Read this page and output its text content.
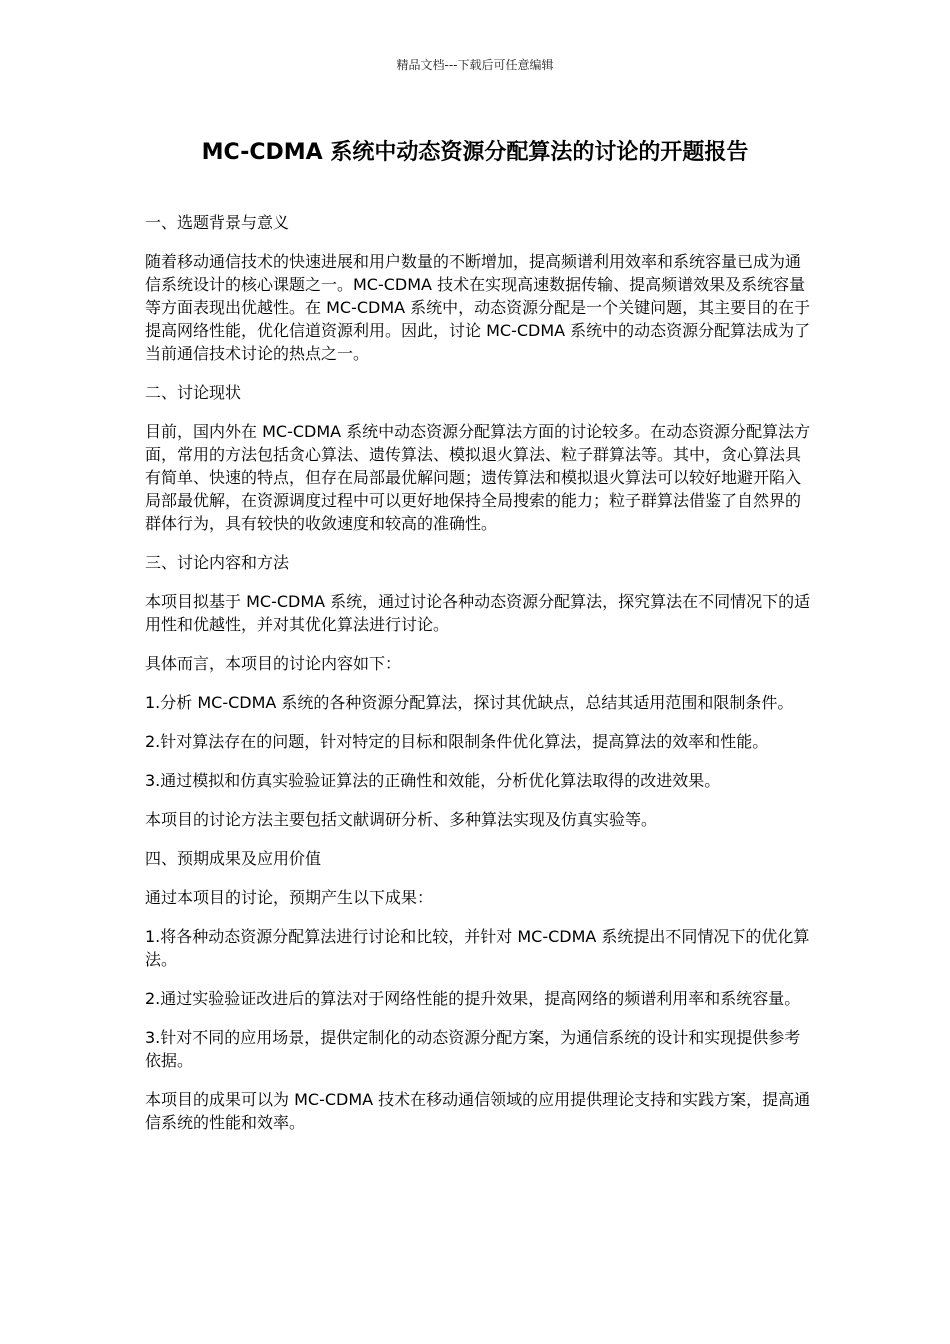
精品文档---下载后可任意编辑
MC-CDMA 系统中动态资源分配算法的讨论的开题报告

一、选题背景与意义

随着移动通信技术的快速进展和用户数量的不断增加，提高频谱利用效率和系统容量已成为通信系统设计的核心课题之一。MC-CDMA 技术在实现高速数据传输、提高频谱效果及系统容量等方面表现出优越性。在 MC-CDMA 系统中，动态资源分配是一个关键问题，其主要目的在于提高网络性能，优化信道资源利用。因此，讨论 MC-CDMA 系统中的动态资源分配算法成为了当前通信技术讨论的热点之一。

二、讨论现状

目前，国内外在 MC-CDMA 系统中动态资源分配算法方面的讨论较多。在动态资源分配算法方面，常用的方法包括贪心算法、遗传算法、模拟退火算法、粒子群算法等。其中，贪心算法具有简单、快速的特点，但存在局部最优解问题；遗传算法和模拟退火算法可以较好地避开陷入局部最优解，在资源调度过程中可以更好地保持全局搜索的能力；粒子群算法借鉴了自然界的群体行为，具有较快的收敛速度和较高的准确性。

三、讨论内容和方法

本项目拟基于 MC-CDMA 系统，通过讨论各种动态资源分配算法，探究算法在不同情况下的适用性和优越性，并对其优化算法进行讨论。

具体而言，本项目的讨论内容如下：

1.分析 MC-CDMA 系统的各种资源分配算法，探讨其优缺点，总结其适用范围和限制条件。

2.针对算法存在的问题，针对特定的目标和限制条件优化算法，提高算法的效率和性能。

3.通过模拟和仿真实验验证算法的正确性和效能，分析优化算法取得的改进效果。

本项目的讨论方法主要包括文献调研分析、多种算法实现及仿真实验等。

四、预期成果及应用价值

通过本项目的讨论，预期产生以下成果：

1.将各种动态资源分配算法进行讨论和比较，并针对 MC-CDMA 系统提出不同情况下的优化算法。

2.通过实验验证改进后的算法对于网络性能的提升效果，提高网络的频谱利用率和系统容量。

3.针对不同的应用场景，提供定制化的动态资源分配方案，为通信系统的设计和实现提供参考依据。

本项目的成果可以为 MC-CDMA 技术在移动通信领域的应用提供理论支持和实践方案，提高通信系统的性能和效率。
